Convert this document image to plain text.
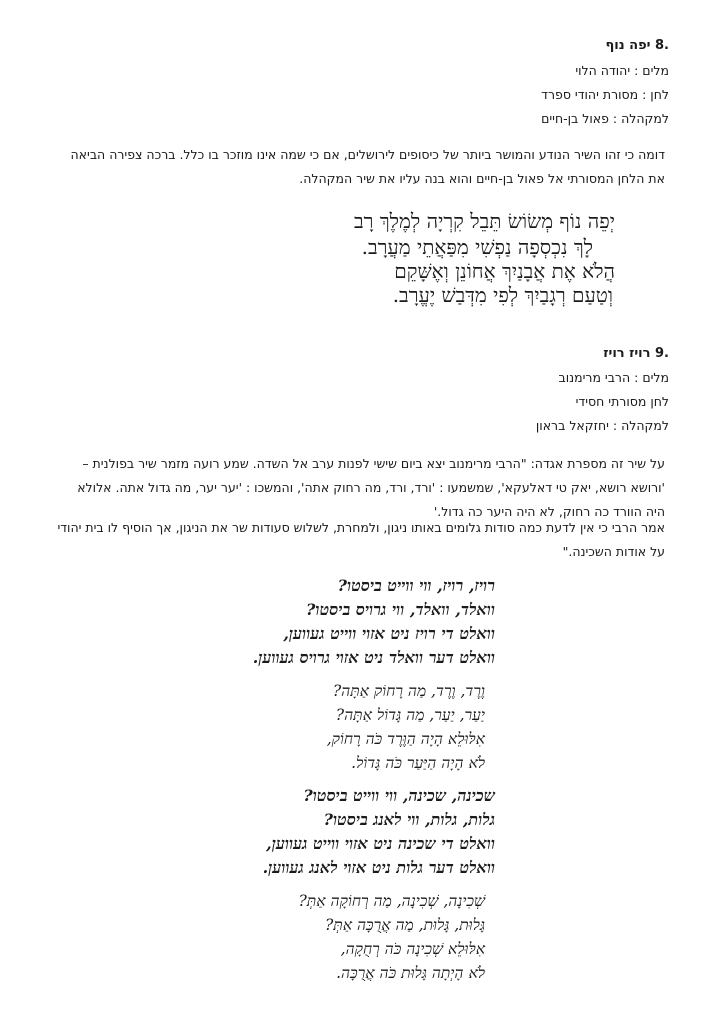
.8 יפה נוף
מלים : יהודה הלוי
לחן : מסורת יהודי ספרד
למקהלה : פאול בן-חיים
דומה כי זהו השיר הנודע והמושר ביותר של כיסופים לירושלים, אם כי שמה אינו מוזכר בו כלל. ברכה צפירה הביאה את הלחן המסורתי אל פאול בן-חיים והוא בנה עליו את שיר המקהלה.
יְפֵה נוֹף מְשׂוֹשׂ תֵּבֵל קִרְיָה לְמֶלֶךְ רָב
לָךְ נִכְסְפָה נַפְשִׁי מִפַּאֲתֵי מַעֲרָב.
הֲלֹא אֶת אֲבָנַיִךְ אֲחוֹנֵן וְאֶשָּׁקֵם
וְטַעַם רְגָבַיִךְ לְפִי מִדְּבַשׁ יֶעֱרָב.
.9 רויז רויז
מלים : הרבי מרימנוב
לחן מסורתי חסידי
למקהלה : יחזקאל בראון
על שיר זה מספרת אגדה: "הרבי מרימנוב יצא ביום שישי לפנות ערב אל השדה. שמע רועה מזמר שיר בפולנית – 'ורושא רושא, יאק טי דאלעקא', שמשמעו : 'ורד, ורד, מה רחוק אתה', והמשכו : 'יער יער, מה גדול אתה. אלולא היה הוורד כה רחוק, לא היה היער כה גדול.'
אמר הרבי כי אין לדעת כמה סודות גלומים באותו ניגון, ולמחרת, לשלוש סעודות שר את הניגון, אך הוסיף לו בית יהודי על אודות השכינה."
רויז, רויז, ווי ווייט ביסטו?
וואלד, וואלד, ווי גרויס ביסטו?
וואלט די רויז ניט אזוי ווייט געווען,
וואלט דער וואלד ניט אזוי גרויס געווען.
וֶרֶד, וֶרֶד, מַה רָחוֹק אַתָּה?
יַעַר, יַעַר, מַה גָּדוֹל אַתָּה?
אִלּוּלֵא הָיָה הַוֶּרֶד כֹּה רָחוֹק,
לֹא הָיָה הַיַּעַר כֹּה גָּדוֹל.
שכינה, שכינה, ווי ווייט ביסטו?
גלות, גלות, ווי לאנג ביסטו?
וואלט די שכינה ניט אזוי ווייט געווען,
וואלט דער גלות ניט אזוי לאנג געווען.
שְׁכִינָה, שְׁכִינָה, מַה רְחוֹקָה אַתְּ?
גָּלוּת, גָּלוּת, מַה אֲרֻכָּה אַתְּ?
אִלּוּלֵא שְׁכִינָה כֹּה רְחֻקָה,
לֹא הָיְתָה גָּלוּת כֹּה אֲרֻכָּה.
